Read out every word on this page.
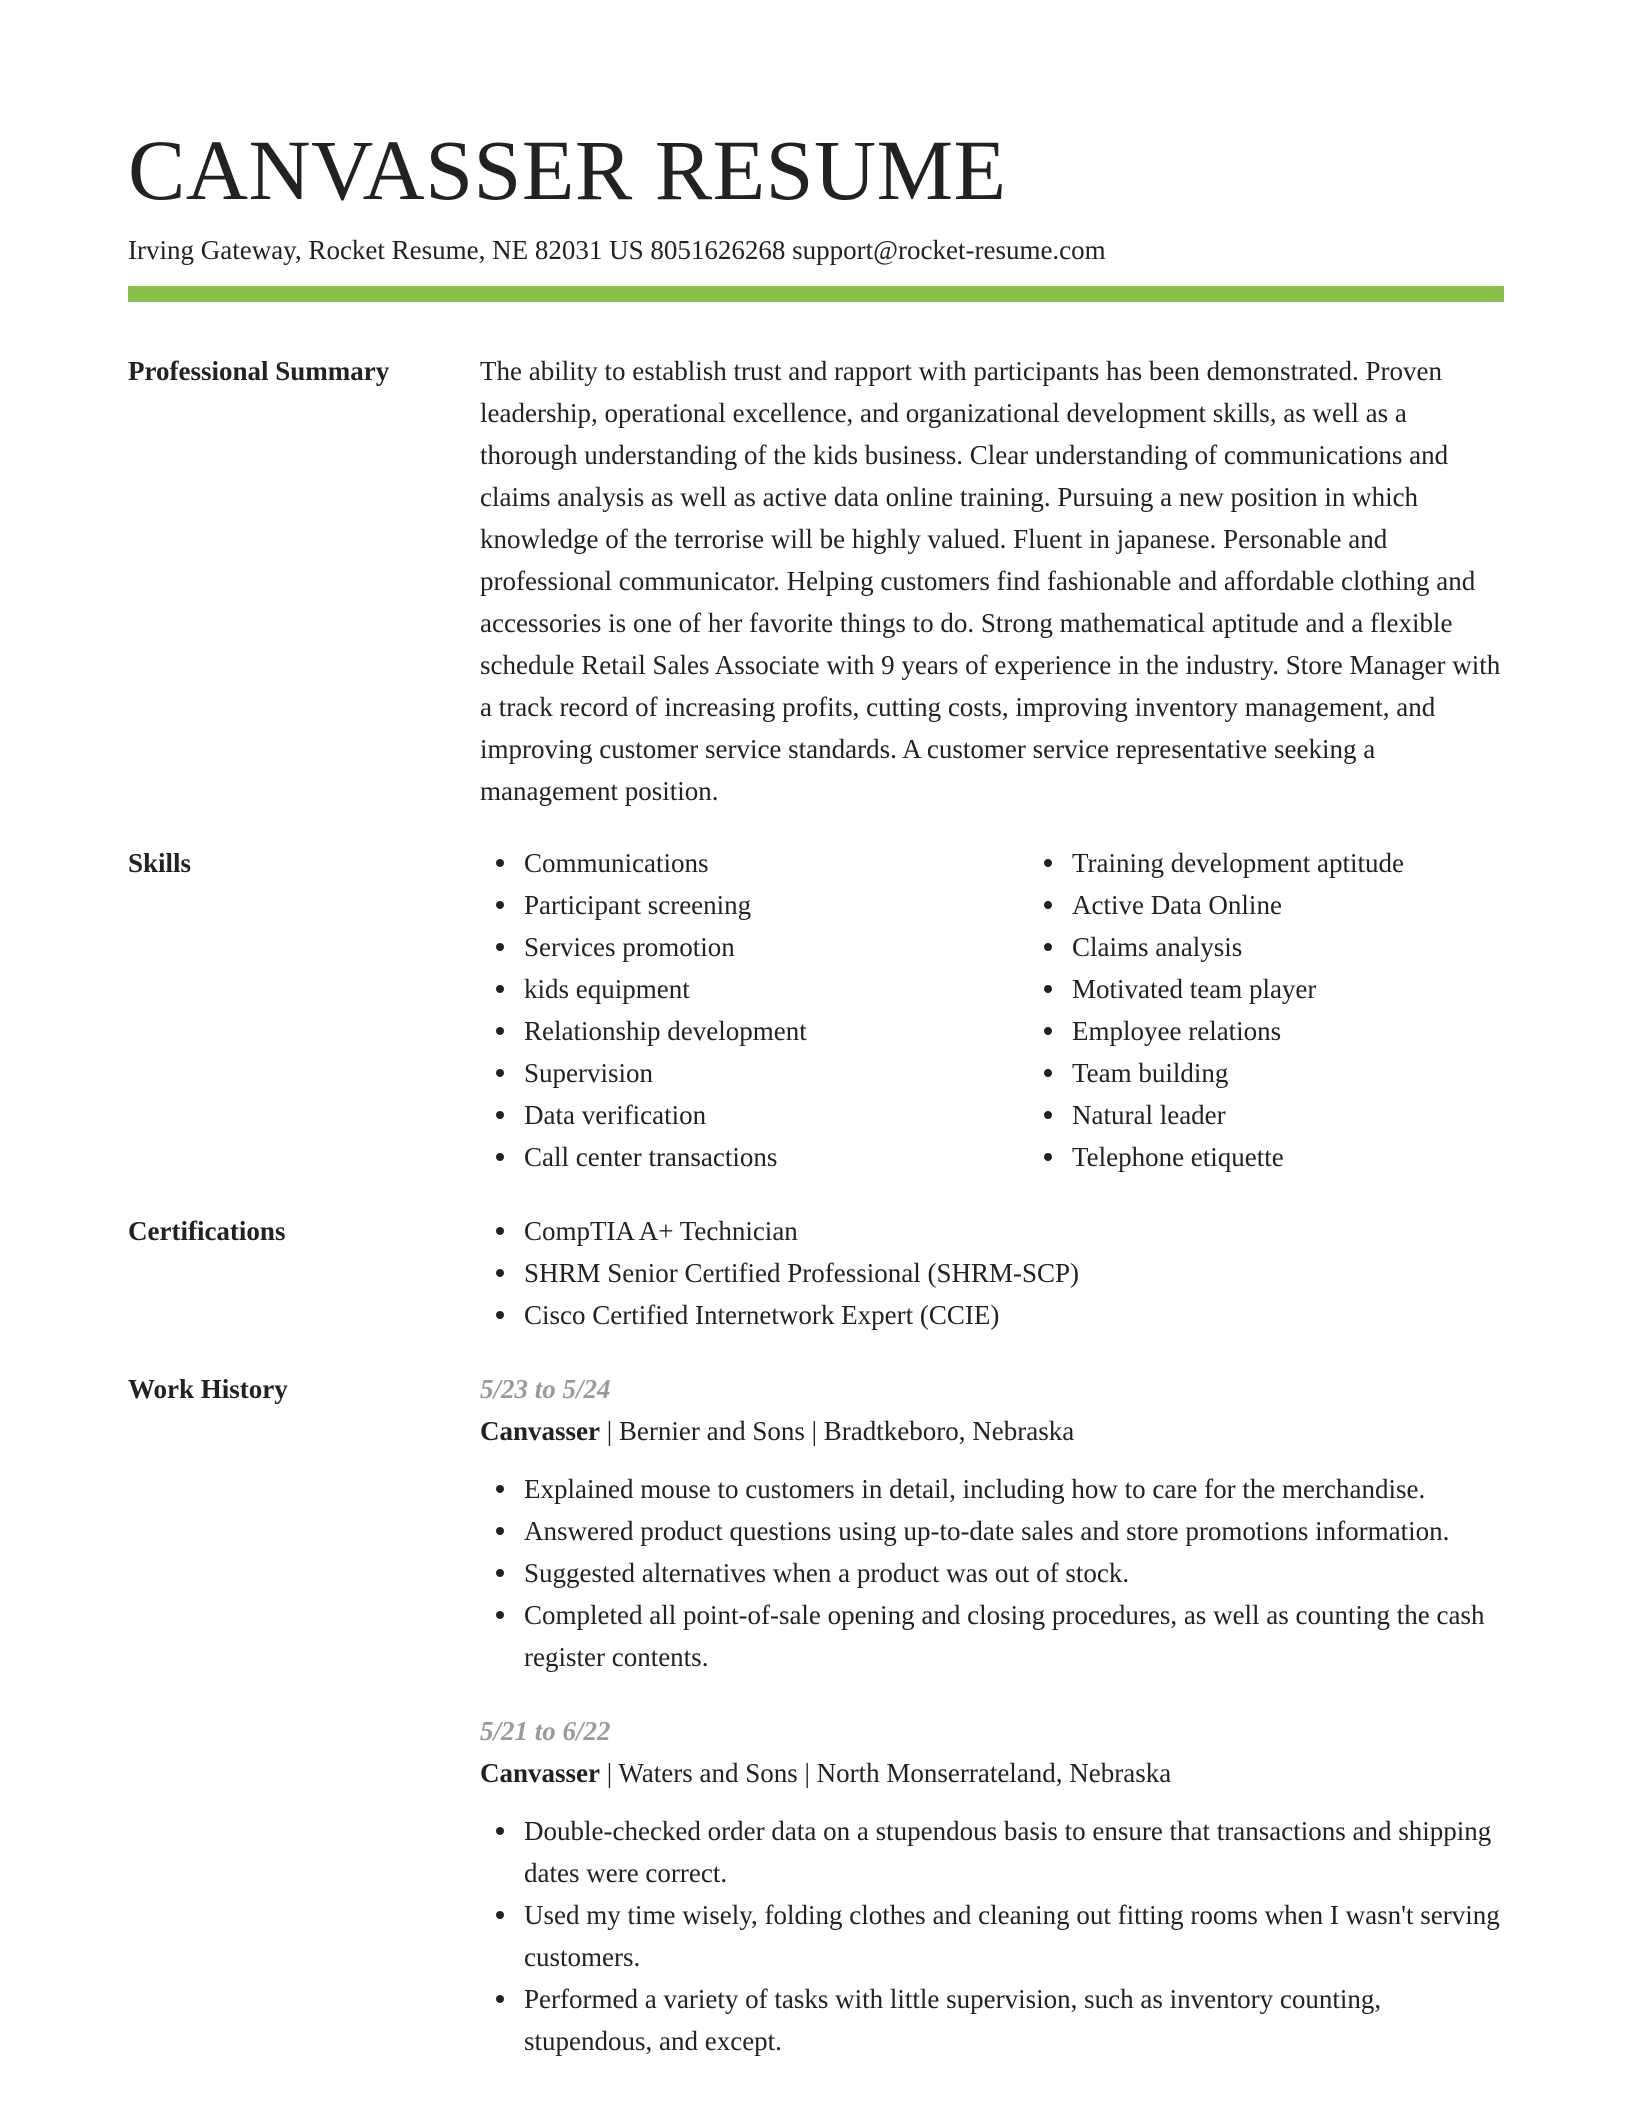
CANVASSER RESUME
Irving Gateway, Rocket Resume, NE 82031 US 8051626268 support@rocket-resume.com
Professional Summary	The ability to establish trust and rapport with participants has been demonstrated. Proven leadership, operational excellence, and organizational development skills, as well as a thorough understanding of the kids business. Clear understanding of communications and claims analysis as well as active data online training. Pursuing a new position in which knowledge of the terrorise will be highly valued. Fluent in japanese. Personable and professional communicator. Helping customers find fashionable and affordable clothing and accessories is one of her favorite things to do. Strong mathematical aptitude and a flexible schedule Retail Sales Associate with 9 years of experience in the industry. Store Manager with a track record of increasing profits, cutting costs, improving inventory management, and improving customer service standards. A customer service representative seeking a management position.

Skills	Communications
Participant screening
Services promotion
kids equipment
Relationship development
Supervision
Data verification
Call center transactions
Training development aptitude
Active Data Online
Claims analysis
Motivated team player
Employee relations
Team building
Natural leader
Telephone etiquette
Certifications	CompTIA A+ Technician
SHRM Senior Certified Professional (SHRM-SCP)
Cisco Certified Internetwork Expert (CCIE)
Work History	5/23 to 5/24
Canvasser | Bernier and Sons | Bradtkeboro, Nebraska
Explained mouse to customers in detail, including how to care for the merchandise.
Answered product questions using up-to-date sales and store promotions information.
Suggested alternatives when a product was out of stock.
Completed all point-of-sale opening and closing procedures, as well as counting the cash register contents.
5/21 to 6/22
Canvasser | Waters and Sons | North Monserrateland, Nebraska
Double-checked order data on a stupendous basis to ensure that transactions and shipping dates were correct.
Used my time wisely, folding clothes and cleaning out fitting rooms when I wasn't serving customers.
Performed a variety of tasks with little supervision, such as inventory counting, stupendous, and except.
